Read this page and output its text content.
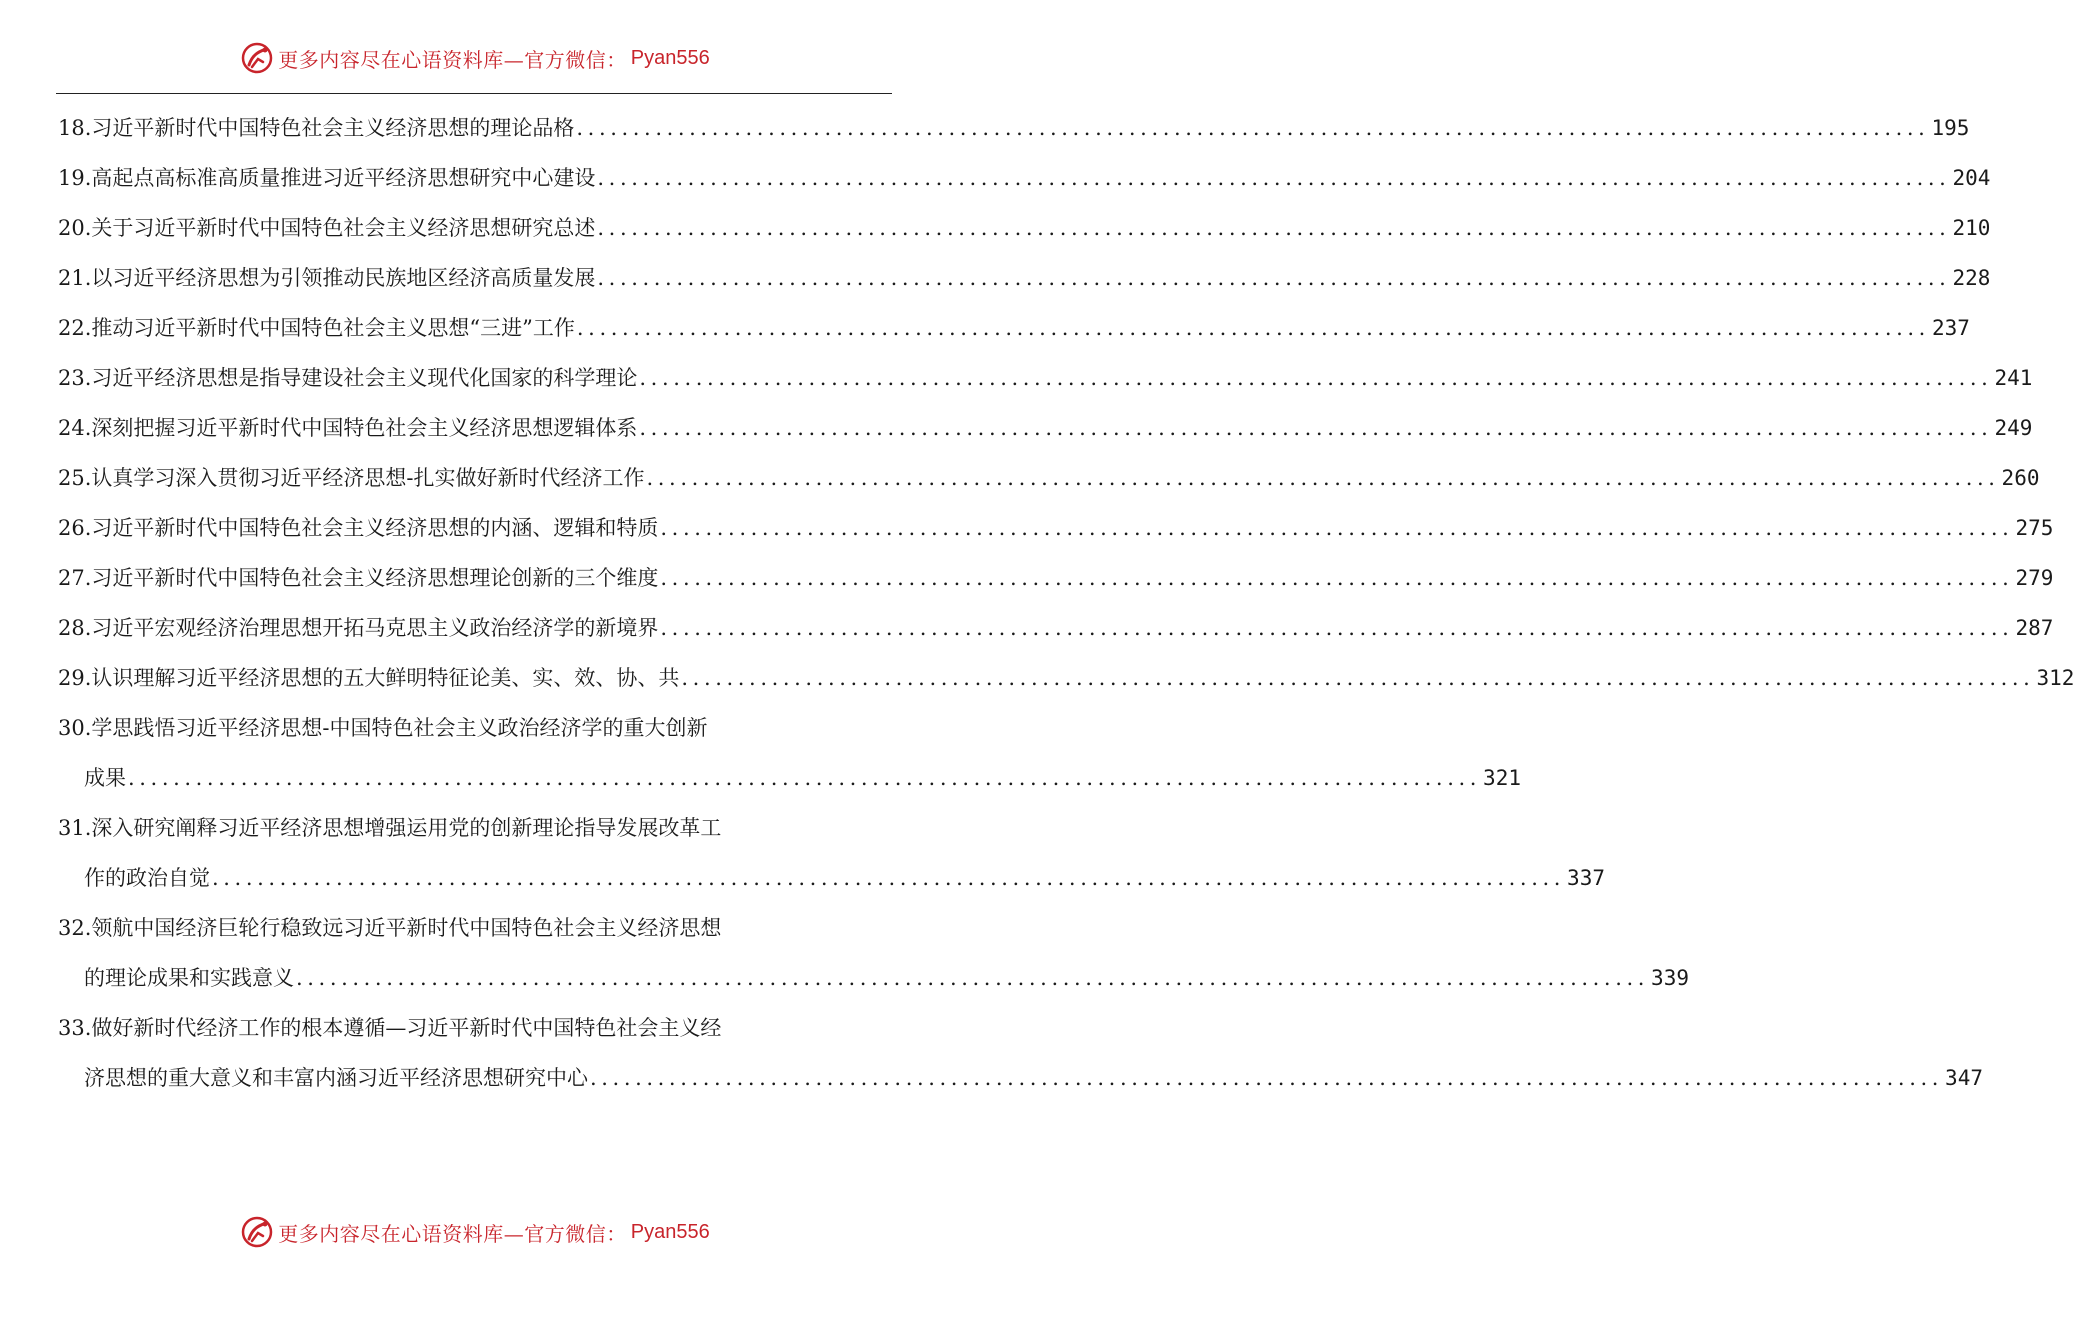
更多内容尽在心语资料库—官方微信： Pyan556
18. 习近平新时代中国特色社会主义经济思想的理论品格 ........................................................................................................................ 195
19. 高起点高标准高质量推进习近平经济思想研究中心建设 ........................................................................................................................ 204
20. 关于习近平新时代中国特色社会主义经济思想研究总述 ........................................................................................................................ 210
21. 以习近平经济思想为引领推动民族地区经济高质量发展 ........................................................................................................................ 228
22. 推动习近平新时代中国特色社会主义思想“三进”工作 ........................................................................................................................ 237
23. 习近平经济思想是指导建设社会主义现代化国家的科学理论 ........................................................................................................................ 241
24. 深刻把握习近平新时代中国特色社会主义经济思想逻辑体系 ........................................................................................................................ 249
25. 认真学习深入贯彻习近平经济思想-扎实做好新时代经济工作 ........................................................................................................................ 260
26. 习近平新时代中国特色社会主义经济思想的内涵、逻辑和特质 ........................................................................................................................ 275
27. 习近平新时代中国特色社会主义经济思想理论创新的三个维度 ........................................................................................................................ 279
28. 习近平宏观经济治理思想开拓马克思主义政治经济学的新境界 ........................................................................................................................ 287
29. 认识理解习近平经济思想的五大鲜明特征论美、实、效、协、共 ........................................................................................................................ 312
30. 学思践悟习近平经济思想-中国特色社会主义政治经济学的重大创新
成果 ........................................................................................................................ 321
31. 深入研究阐释习近平经济思想增强运用党的创新理论指导发展改革工
作的政治自觉 ........................................................................................................................ 337
32. 领航中国经济巨轮行稳致远习近平新时代中国特色社会主义经济思想
的理论成果和实践意义 ........................................................................................................................ 339
33. 做好新时代经济工作的根本遵循—习近平新时代中国特色社会主义经
济思想的重大意义和丰富内涵习近平经济思想研究中心 ........................................................................................................................ 347
更多内容尽在心语资料库—官方微信： Pyan556
